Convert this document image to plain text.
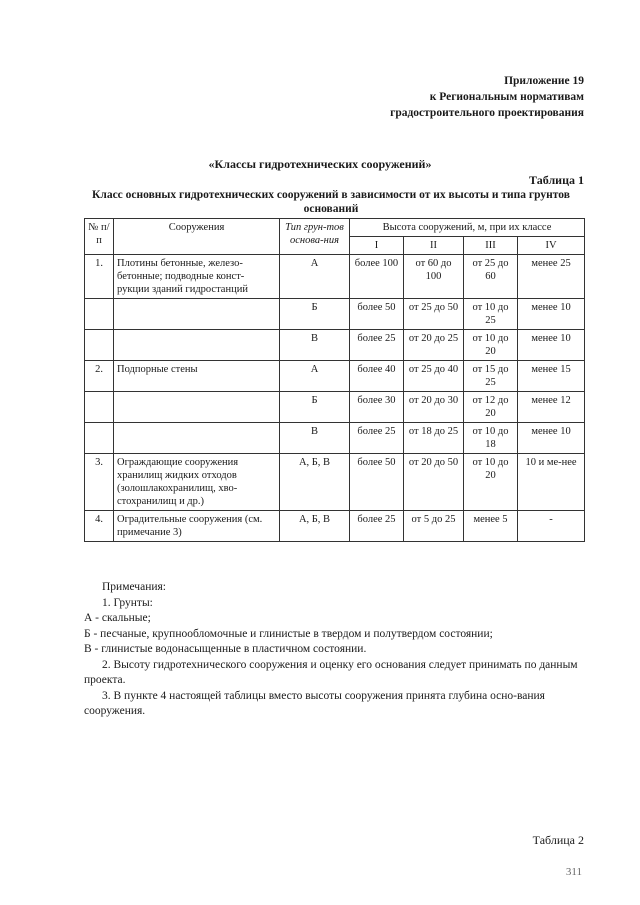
Приложение 19
к Региональным нормативам
градостроительного проектирования
«Классы гидротехнических сооружений»
Таблица 1
Класс основных гидротехнических сооружений в зависимости от их высоты и типа грунтов оснований
№ п/п	Сооружения	Тип грун-тов основа-ния	Высота сооружений, м, при их классе			
			I	II	III	IV
1.	Плотины бетонные, железо-бетонные; подводные конст-рукции зданий гидростанций	А	более 100	от 60 до 100	от 25 до 60	менее 25
		Б	более 50	от 25 до 50	от 10 до 25	менее 10
		В	более 25	от 20 до 25	от 10 до 20	менее 10
2.	Подпорные стены	А	более 40	от 25 до 40	от 15 до 25	менее 15
		Б	более 30	от 20 до 30	от 12 до 20	менее 12
		В	более 25	от 18 до 25	от 10 до 18	менее 10
3.	Ограждающие сооружения хранилищ жидких отходов (золошлакохранилищ, хво-стохранилищ и др.)	А, Б, В	более 50	от 20 до 50	от 10 до 20	10 и ме-нее
4.	Оградительные сооружения (см. примечание 3)	А, Б, В	более 25	от 5 до 25	менее 5	-

Примечания:

1. Грунты:

А - скальные;

Б - песчаные, крупнообломочные и глинистые в твердом и полутвердом состоянии;

В - глинистые водонасыщенные в пластичном состоянии.

2. Высоту гидротехнического сооружения и оценку его основания следует принимать по данным проекта.

3. В пункте 4 настоящей таблицы вместо высоты сооружения принята глубина осно-вания сооружения.

Таблица 2
311
